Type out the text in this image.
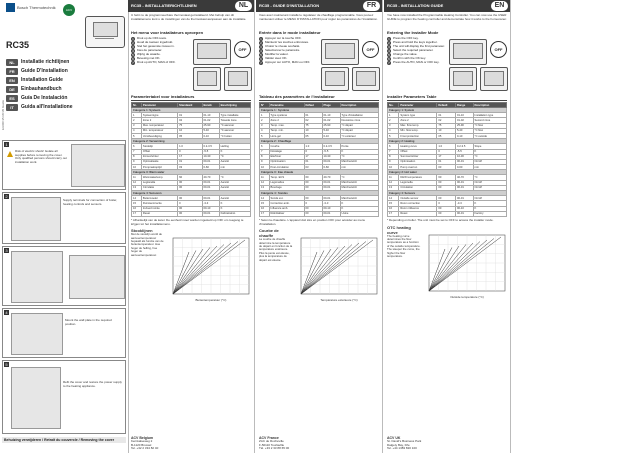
Bosch Thermotechnik	ACV
RC35
NL	Installatie richtlijnen
FR	Guide D'Installation
EN	Installation Guide
DE	Einbauhandbuch
ES	Guía De Instalación
IT	Guida all'Installatione
EUIRC35 RC35 Guide
1
Risk of electric shock! Isolate all supplies before removing the cover. Only qualified persons should carry out installation work.
2
Supply terminals for connection of boiler, heating controls and sensors.
3
4
Mount the wall plate in the required position.
5
Refit the cover and restore the power supply to the heating appliance.
Behuizing verwijderen / Retrait du couvercle / Removing the cover
RC35 - INSTALLATIERICHTLIJNEN	NL
U hebt nu de programmeerbare thermostaat geïnstalleerd. Met behulp van dit installatiemenu kunt u de instellingen van de thermostaat aanpassen aan de installatie.
Het menu voor installateurs oproepen
1	Druk op de OFF-toets.
2	Houd de toetsen ingedrukt.
3	Stel het gewenste niveau in.
4	Kies de parameter.
5	Wijzig de waarde.
6	Bevestig met OK.
7	Druk op AUTO, MAN of OFF.
OFF
Parametertabel voor installateurs
Nr.	Parameter	Standaard	Bereik	Beschrijving
Categorie 1: Systeem				
1	Systeemtype	01	01-10	Type installatie
2	Zone 2	02	01-02	Tweede zone
3	Max. temperatuur	75	25-90	°C aanvoer
4	Min. temperatuur	10	5-40	°C aanvoer
5	Vorstbeveiliging	05	0-10	°C buiten
Categorie 2: Verwarming				
6	Stooklijn	1.0	0.2-3.5	Helling
7	Offset	0	-5-5	K
8	Zomer/winter	17	10-30	°C
9	Optimalisatie	01	00-01	Aan/uit
10	Pompnalooptijd	03	0-60	min
Categorie 3: Warm water				
11	Warmwatertemp.	60	40-70	°C
12	Legionella	00	00-01	Aan/uit
13	Circulatie	00	00-01	Aan/uit
Categorie 4: Sensoren				
14	Buitenvoeler	00	00-01	Aan/uit
15	Ruimtecorrectie	0	-3-3	K
16	Invloed ruimte	00	00-10	K
17	Reset	00	00-01	Fabrieksinst.
* Afhankelijk van de ketel. De eenheid moet worden ingesteld op OFF om toegang te krijgen tot het installatiemenu.
Stooklijnen
Met de stooklijn wordt de aanvoertemperatuur bepaald als functie van de buitentemperatuur. Hoe hoger de helling, hoe hoger de aanvoertemperatuur.
Buitentemperatuur (°C)
ACV Belgium
Kernkalseweg 2
B-1120 Brussel
Tel. +32 2 334 82 40
RC35 - GUIDE D'INSTALLATION	FR
Vous avez maintenant installé le régulateur de chauffage programmable. Vous pouvez maintenant utiliser le MENU D'INSTALLATION pour régler les paramètres de l'installation.
Entrée dans le mode installateur
1	Appuyer sur la touche OFF.
2	Maintenir les touches enfoncées.
3	Choisir le niveau souhaité.
4	Sélectionner le paramètre.
5	Modifier la valeur.
6	Valider avec OK.
7	Appuyer sur AUTO, MAN ou OFF.
OFF
Tableau des paramètres de l'installateur
N°	Paramètre	Défaut	Plage	Description
Catégorie 1 : Système				
1	Type système	01	01-10	Type d'installation
2	Zone 2	02	01-02	Deuxième zone
3	Temp. max.	75	25-90	°C départ
4	Temp. min.	10	5-40	°C départ
5	Hors-gel	05	0-10	°C extérieur
Catégorie 2 : Chauffage				
6	Courbe	1.0	0.2-3.5	Pente
7	Décalage	0	-5-5	K
8	Été/hiver	17	10-30	°C
9	Optimisation	01	00-01	Marche/arrêt
10	Post-circulation	03	0-60	min
Catégorie 3 : Eau chaude				
11	Temp. ECS	60	40-70	°C
12	Légionelles	00	00-01	Marche/arrêt
13	Bouclage	00	00-01	Marche/arrêt
Catégorie 4 : Sondes				
14	Sonde ext.	00	00-01	Marche/arrêt
15	Correction amb.	0	-3-3	K
16	Influence amb.	00	00-10	K
17	Réinitialiser	00	00-01	Usine
* Selon la chaudière. L'appareil doit être en position OFF pour accéder au menu d'installation.
Courbe de chauffe
La courbe de chauffe détermine la température de départ en fonction de la température extérieure. Plus la pente est élevée, plus la température de départ est élevée.
Température extérieure (°C)
ACV France
ZAC de Rocheville
F-50110 Tourlaville
Tél. +33 2 33 88 65 00
RC35 - INSTALLATION GUIDE	EN
You have now installed the Programmable Heating Controller. You can now use the USER GUIDE to program the heating controller and demonstrate how it works to the homeowner.
Entering the Installer Mode
1	Press the OFF key.
2	Press and hold the keys together.
3	The unit will display the first parameter.
4	Select the required parameter.
5	Change the value.
6	Confirm with the OK key.
7	Press the AUTO, MAN or OFF key.
OFF
Installer Parameters Table
No.	Parameter	Default	Range	Description
Category 1: System				
1	System type	01	01-10	Installation type
2	Zone 2	02	01-02	Second zone
3	Max. flow temp.	75	25-90	°C flow
4	Min. flow temp.	10	5-40	°C flow
5	Frost protection	05	0-10	°C outside
Category 2: Heating				
6	Heating curve	1.0	0.2-3.5	Slope
7	Offset	0	-5-5	K
8	Summer/winter	17	10-30	°C
9	Optimisation	01	00-01	On/off
10	Pump overrun	03	0-60	min
Category 3: Hot water				
11	DHW temperature	60	40-70	°C
12	Legionella	00	00-01	On/off
13	Circulation	00	00-01	On/off
Category 4: Sensors				
14	Outside sensor	00	00-01	On/off
15	Room correction	0	-3-3	K
16	Room influence	00	00-10	K
17	Reset	00	00-01	Factory
* Depending on boiler. The unit must be set to OFF to access the installer mode.
OTC heating curve
The heating curve determines the flow temperature as a function of the outside temperature. The steeper the curve, the higher the flow temperature.
Outside temperature (°C)
ACV UK
St. David's Business Park
Dalgety Bay, Fife
Tel. +44 1383 820 100
